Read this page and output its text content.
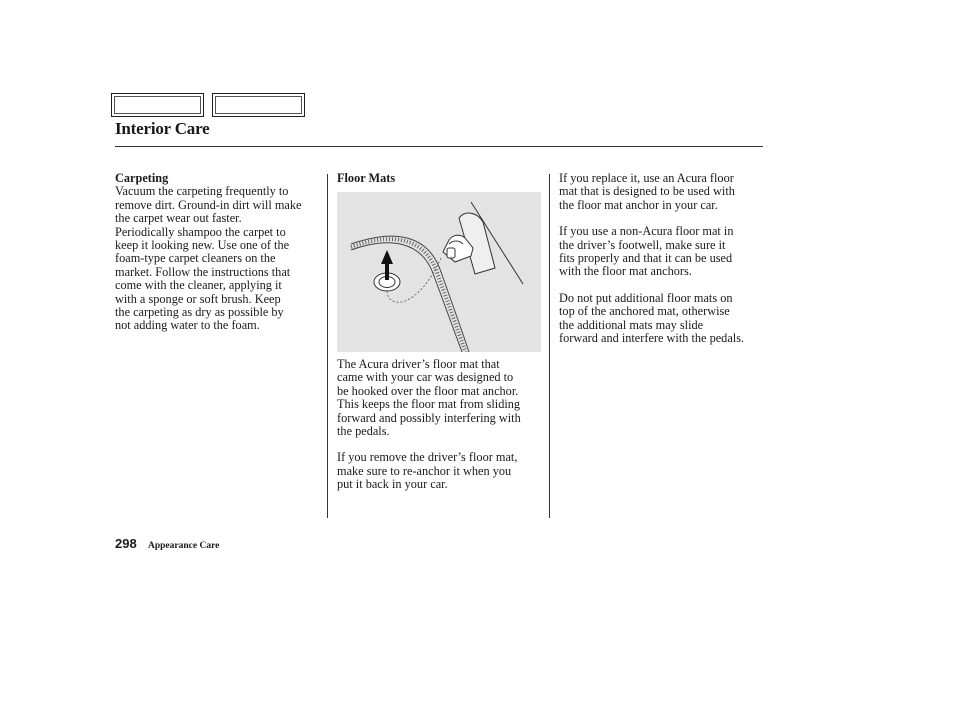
Interior Care
Carpeting
Vacuum the carpeting frequently to
remove dirt. Ground-in dirt will make
the carpet wear out faster.
Periodically shampoo the carpet to
keep it looking new. Use one of the
foam-type carpet cleaners on the
market. Follow the instructions that
come with the cleaner, applying it
with a sponge or soft brush. Keep
the carpeting as dry as possible by
not adding water to the foam.
Floor Mats
The Acura driver’s floor mat that
came with your car was designed to
be hooked over the floor mat anchor.
This keeps the floor mat from sliding
forward and possibly interfering with
the pedals.
If you remove the driver’s floor mat,
make sure to re-anchor it when you
put it back in your car.
If you replace it, use an Acura floor
mat that is designed to be used with
the floor mat anchor in your car.
If you use a non-Acura floor mat in
the driver’s footwell, make sure it
fits properly and that it can be used
with the floor mat anchors.
Do not put additional floor mats on
top of the anchored mat, otherwise
the additional mats may slide
forward and interfere with the pedals.
298 Appearance Care
